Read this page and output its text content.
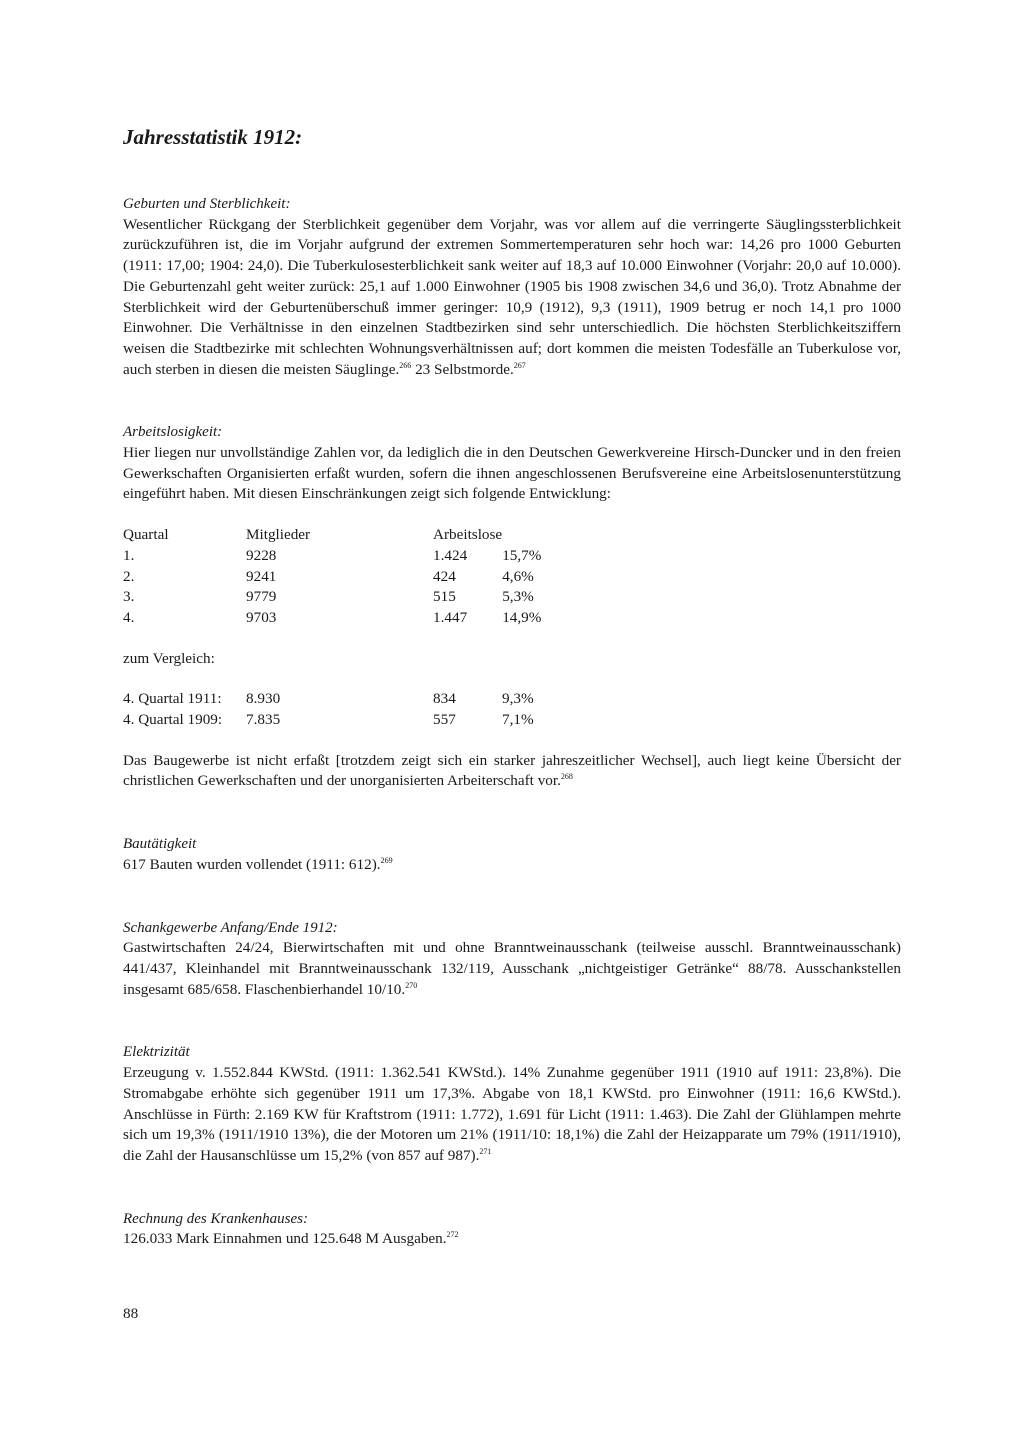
Jahresstatistik 1912:

Geburten und Sterblichkeit:

Wesentlicher Rückgang der Sterblichkeit gegenüber dem Vorjahr, was vor allem auf die verringerte Säuglingssterblichkeit zurückzuführen ist, die im Vorjahr aufgrund der extremen Sommertemperaturen sehr hoch war: 14,26 pro 1000 Geburten (1911: 17,00; 1904: 24,0). Die Tuberkulosesterblichkeit sank weiter auf 18,3 auf 10.000 Einwohner (Vorjahr: 20,0 auf 10.000). Die Geburtenzahl geht weiter zurück: 25,1 auf 1.000 Einwohner (1905 bis 1908 zwischen 34,6 und 36,0). Trotz Abnahme der Sterblichkeit wird der Geburtenüberschuß immer geringer: 10,9 (1912), 9,3 (1911), 1909 betrug er noch 14,1 pro 1000 Einwohner. Die Verhältnisse in den einzelnen Stadtbezirken sind sehr unterschiedlich. Die höchsten Sterblichkeitsziffern weisen die Stadtbezirke mit schlechten Wohnungsverhältnissen auf; dort kommen die meisten Todesfälle an Tuberkulose vor, auch sterben in diesen die meisten Säuglinge.$^{266}$ 23 Selbstmorde.$^{267}$

Arbeitslosigkeit:

Hier liegen nur unvollständige Zahlen vor, da lediglich die in den Deutschen Gewerkvereine Hirsch-Duncker und in den freien Gewerkschaften Organisierten erfaßt wurden, sofern die ihnen angeschlossenen Berufsvereine eine Arbeitslosenunterstützung eingeführt haben. Mit diesen Einschränkungen zeigt sich folgende Entwicklung:

Quartal	Mitglieder	Arbeitslose	
1.	9228	1.424	15,7%
2.	9241	424	4,6%
3.	9779	515	5,3%
4.	9703	1.447	14,9%

zum Vergleich:

4. Quartal 1911:	8.930	834	9,3%
4. Quartal 1909:	7.835	557	7,1%

Das Baugewerbe ist nicht erfaßt [trotzdem zeigt sich ein starker jahreszeitlicher Wechsel], auch liegt keine Übersicht der christlichen Gewerkschaften und der unorganisierten Arbeiterschaft vor.$^{268}$

Bautätigkeit

617 Bauten wurden vollendet (1911: 612).$^{269}$

Schankgewerbe Anfang/Ende 1912:

Gastwirtschaften 24/24, Bierwirtschaften mit und ohne Branntweinausschank (teilweise ausschl. Branntweinausschank) 441/437, Kleinhandel mit Branntweinausschank 132/119, Ausschank „nichtgeistiger Getränke“ 88/78. Ausschankstellen insgesamt 685/658. Flaschenbierhandel 10/10.$^{270}$

Elektrizität

Erzeugung v. 1.552.844 KWStd. (1911: 1.362.541 KWStd.). 14% Zunahme gegenüber 1911 (1910 auf 1911: 23,8%). Die Stromabgabe erhöhte sich gegenüber 1911 um 17,3%. Abgabe von 18,1 KWStd. pro Einwohner (1911: 16,6 KWStd.). Anschlüsse in Fürth: 2.169 KW für Kraftstrom (1911: 1.772), 1.691 für Licht (1911: 1.463). Die Zahl der Glühlampen mehrte sich um 19,3% (1911/1910 13%), die der Motoren um 21% (1911/10: 18,1%) die Zahl der Heizapparate um 79% (1911/1910), die Zahl der Hausanschlüsse um 15,2% (von 857 auf 987).$^{271}$

Rechnung des Krankenhauses:

126.033 Mark Einnahmen und 125.648 M Ausgaben.$^{272}$

88
